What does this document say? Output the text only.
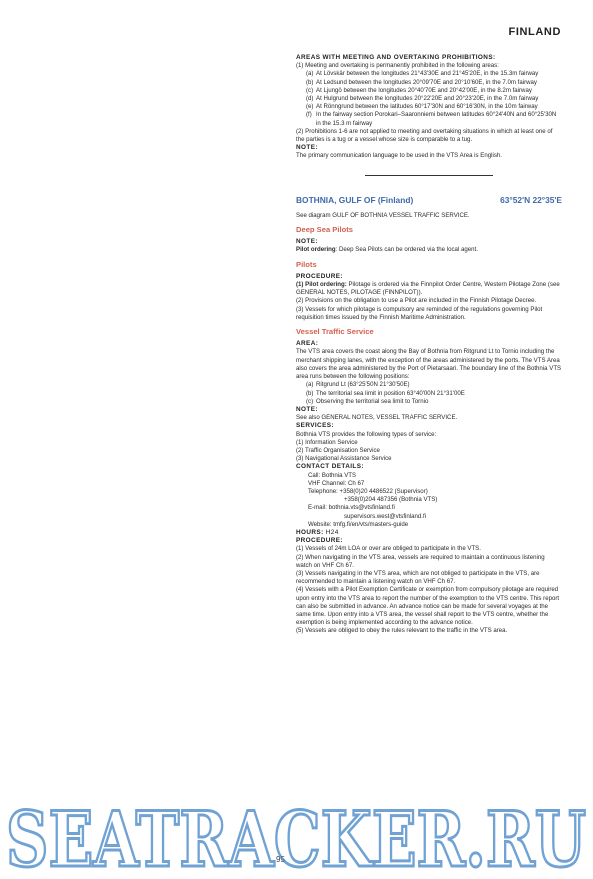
FINLAND

AREAS WITH MEETING AND OVERTAKING PROHIBITIONS:

(1) Meeting and overtaking is permanently prohibited in the following areas:

(a) At Lövskär between the longitudes 21°43'30E and 21°45'20E, in the 15.3m fairway
(b) At Ledsund between the longitudes 20°09'70E and 20°10'60E, in the 7.0m fairway
(c) At Ljungö between the longitudes 20°40'70E and 20°42'00E, in the 8.2m fairway
(d) At Hulgrund between the longitudes 20°22'20E and 20°23'20E, in the 7.0m fairway
(e) At Rönngrund between the latitudes 60°17'30N and 60°16'30N, in the 10m fairway
(f) In the fairway section Porokari–Saaronniemi between latitudes 60°24'40N and 60°25'30N in the 15.3 m fairway

(2) Prohibitions 1-6 are not applied to meeting and overtaking situations in which at least one of the parties is a tug or a vessel whose size is comparable to a tug.

NOTE:

The primary communication language to be used in the VTS Area is English.

BOTHNIA, GULF OF (Finland)	63°52'N 22°35'E

See diagram GULF OF BOTHNIA VESSEL TRAFFIC SERVICE.

Deep Sea Pilots

NOTE:

Pilot ordering: Deep Sea Pilots can be ordered via the local agent.

Pilots

PROCEDURE:

(1) Pilot ordering: Pilotage is ordered via the Finnpilot Order Centre, Western Pilotage Zone (see GENERAL NOTES, PILOTAGE (FINNPILOT)).

(2) Provisions on the obligation to use a Pilot are included in the Finnish Pilotage Decree.

(3) Vessels for which pilotage is compulsory are reminded of the regulations governing Pilot requisition times issued by the Finnish Maritime Administration.

Vessel Traffic Service

AREA:

The VTS area covers the coast along the Bay of Bothnia from Ritgrund Lt to Tornio including the merchant shipping lanes, with the exception of the areas administered by the ports. The VTS Area also covers the area administered by the Port of Pietarsaari. The boundary line of the Bothnia VTS area runs between the following positions:

(a) Ritgrund Lt (63°25'50N 21°30'50E)
(b) The territorial sea limit in position 63°40'00N 21°31'00E
(c) Observing the territorial sea limit to Tornio

NOTE:

See also GENERAL NOTES, VESSEL TRAFFIC SERVICE.

SERVICES:

Bothnia VTS provides the following types of service:

(1) Information Service

(2) Traffic Organisation Service

(3) Navigational Assistance Service

CONTACT DETAILS:

Call: Bothnia VTS

VHF Channel: Ch 67

Telephone: +358(0)20 4486522 (Supervisor)

+358(0)204 487356 (Bothnia VTS)

E-mail: bothnia.vts@vtsfinland.fi

supervisors.west@vtsfinland.fi

Website: tmfg.fi/en/vts/masters-guide

HOURS: H24

PROCEDURE:

(1) Vessels of 24m LOA or over are obliged to participate in the VTS.

(2) When navigating in the VTS area, vessels are required to maintain a continuous listening watch on VHF Ch 67.

(3) Vessels navigating in the VTS area, which are not obliged to participate in the VTS, are recommended to maintain a listening watch on VHF Ch 67.

(4) Vessels with a Pilot Exemption Certificate or exemption from compulsory pilotage are required upon entry into the VTS area to report the number of the exemption to the VTS centre. This report can also be submitted in advance. An advance notice can be made for several voyages at the same time. Upon entry into a VTS area, the vessel shall report to the VTS centre, whether the exemption is being implemented according to the advance notice.

(5) Vessels are obliged to obey the rules relevant to the traffic in the VTS area.

95
SEATRACKER.RU
